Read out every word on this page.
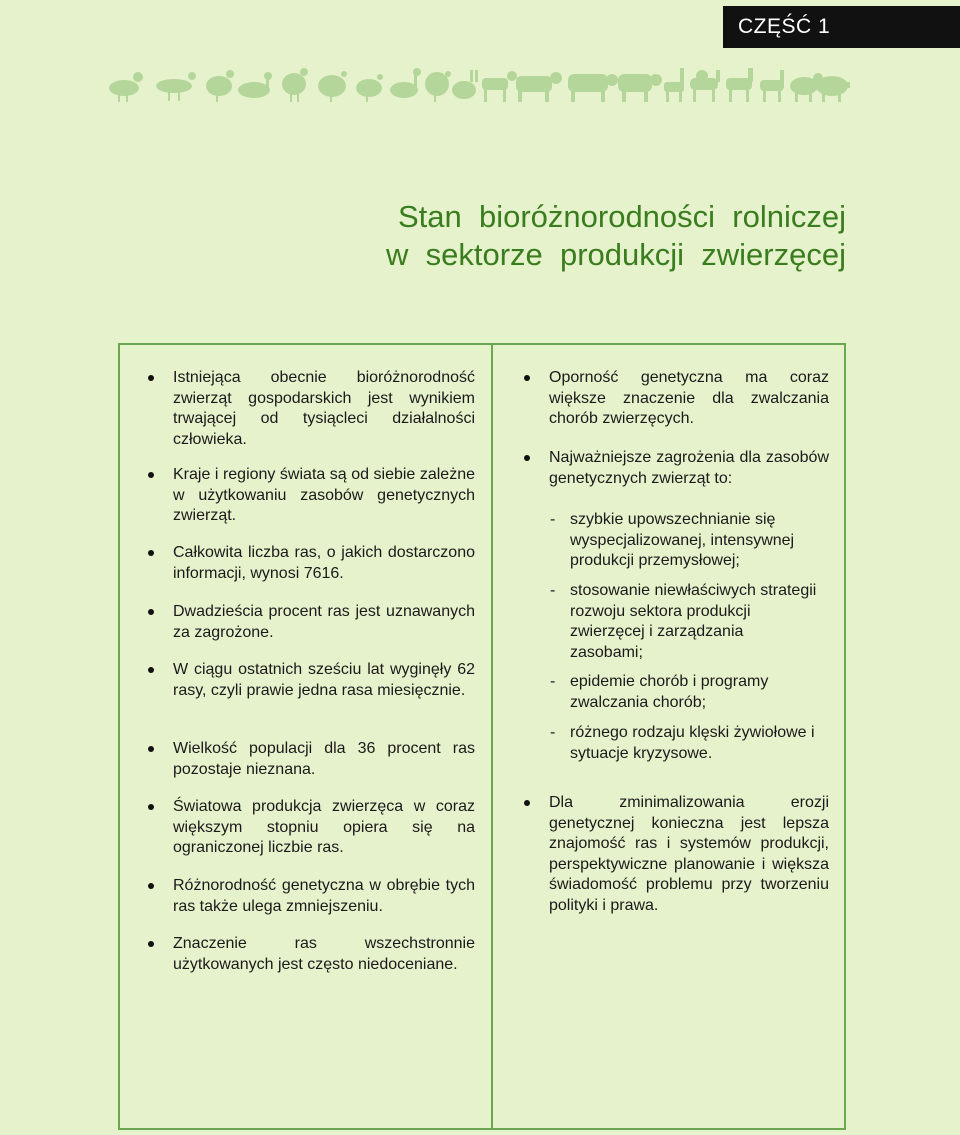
CZĘŚĆ 1
Stan  bioróżnorodności  rolniczej
w  sektorze  produkcji  zwierzęcej
Istniejąca obecnie bioróżnorodność zwierząt gospodarskich jest wynikiem trwającej od tysiącleci działalności człowieka.
Kraje i regiony świata są od siebie zależne w użytkowaniu zasobów genetycznych zwierząt.
Całkowita liczba ras, o jakich dostarczono informacji, wynosi 7616.
Dwadzieścia procent ras jest uznawanych za zagrożone.
W ciągu ostatnich sześciu lat wyginęły 62 rasy, czyli prawie jedna rasa miesięcznie.
Wielkość populacji dla 36 procent ras pozostaje nieznana.
Światowa produkcja zwierzęca w coraz większym stopniu opiera się na ograniczonej liczbie ras.
Różnorodność genetyczna w obrębie tych ras także ulega zmniejszeniu.
Znaczenie ras wszechstronnie użytkowanych jest często niedoceniane.
Oporność genetyczna ma coraz większe znaczenie dla zwalczania chorób zwierzęcych.
Najważniejsze zagrożenia dla zasobów genetycznych zwierząt to:
- szybkie upowszechnianie się wyspecjalizowanej, intensywnej produkcji przemysłowej;
- stosowanie niewłaściwych strategii rozwoju sektora produkcji zwierzęcej i zarządzania zasobami;
- epidemie chorób i programy zwalczania chorób;
- różnego rodzaju klęski żywiołowe i sytuacje kryzysowe.
Dla zminimalizowania erozji genetycznej konieczna jest lepsza znajomość ras i systemów produkcji, perspektywiczne planowanie i większa świadomość problemu przy tworzeniu polityki i prawa.
